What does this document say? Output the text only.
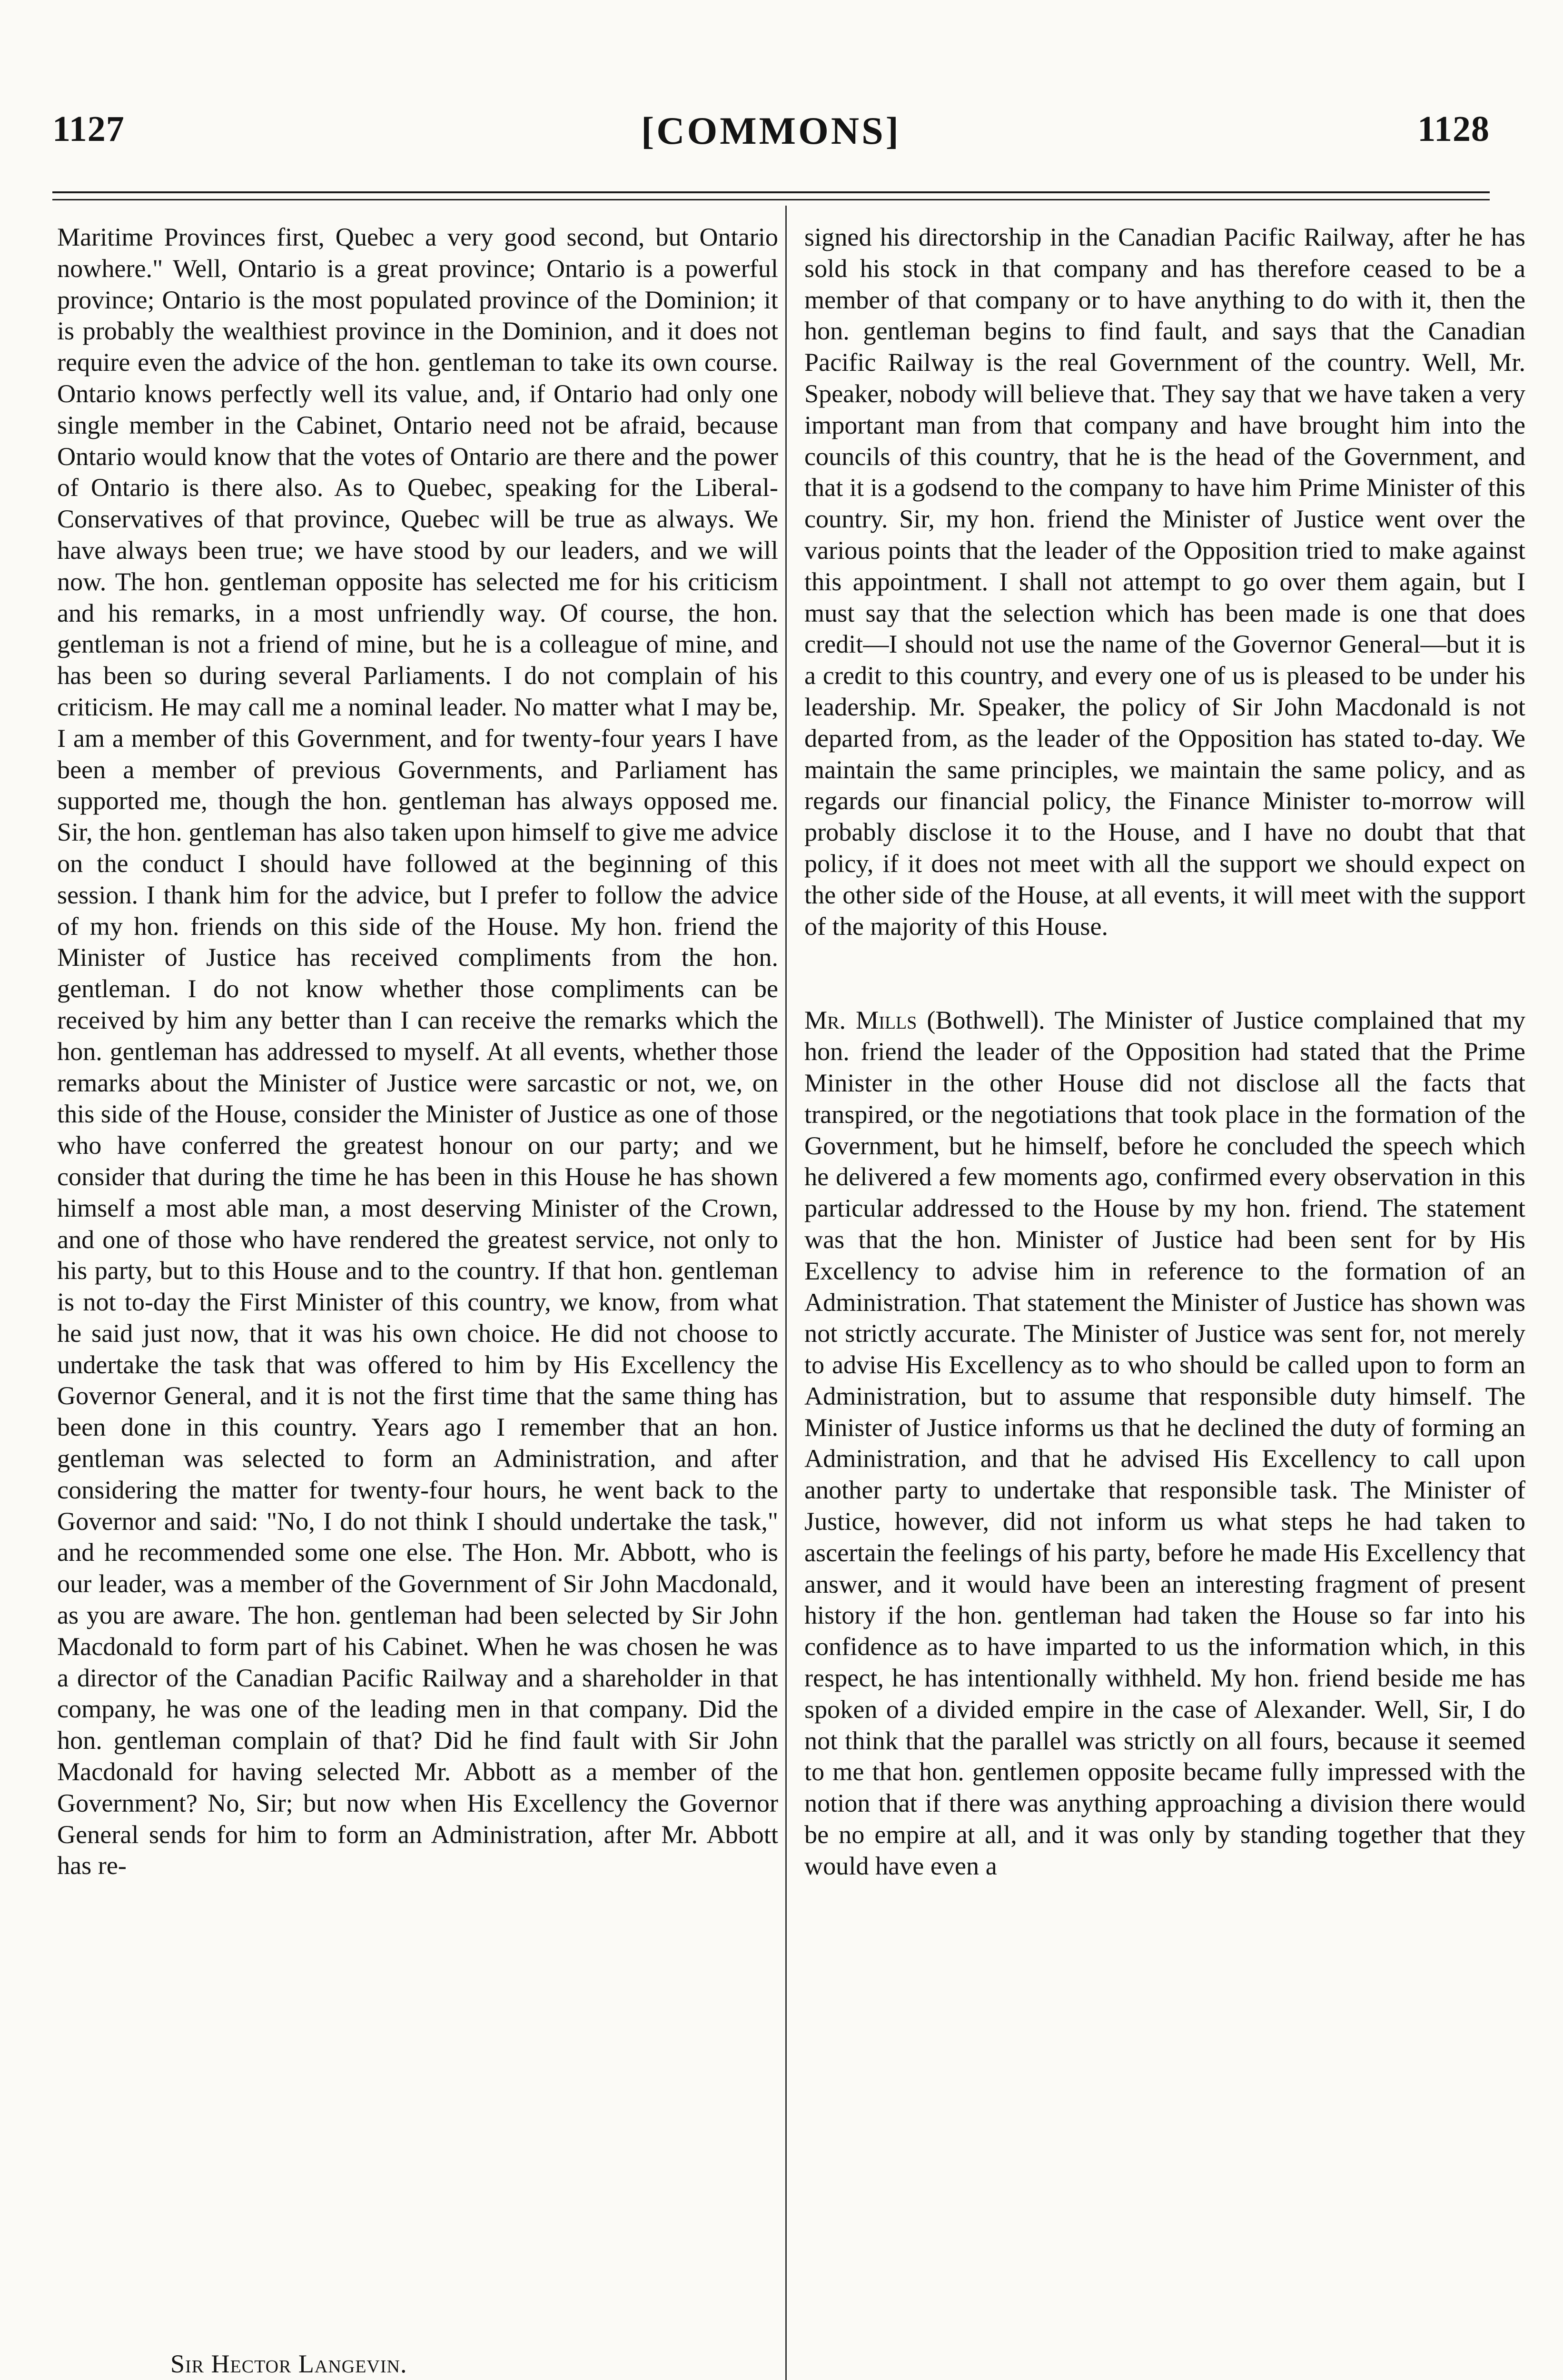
1127	[COMMONS]	1128

Maritime Provinces first, Quebec a very good second, but Ontario nowhere." Well, Ontario is a great province; Ontario is a powerful province; Ontario is the most populated province of the Dominion; it is probably the wealthiest province in the Dominion, and it does not require even the advice of the hon. gentleman to take its own course. Ontario knows perfectly well its value, and, if Ontario had only one single member in the Cabinet, Ontario need not be afraid, because Ontario would know that the votes of Ontario are there and the power of Ontario is there also. As to Quebec, speaking for the Liberal-Conservatives of that province, Quebec will be true as always. We have always been true; we have stood by our leaders, and we will now. The hon. gentleman opposite has selected me for his criticism and his remarks, in a most unfriendly way. Of course, the hon. gentleman is not a friend of mine, but he is a colleague of mine, and has been so during several Parliaments. I do not complain of his criticism. He may call me a nominal leader. No matter what I may be, I am a member of this Government, and for twenty-four years I have been a member of previous Governments, and Parliament has supported me, though the hon. gentleman has always opposed me. Sir, the hon. gentleman has also taken upon himself to give me advice on the conduct I should have followed at the beginning of this session. I thank him for the advice, but I prefer to follow the advice of my hon. friends on this side of the House. My hon. friend the Minister of Justice has received compliments from the hon. gentleman. I do not know whether those compliments can be received by him any better than I can receive the remarks which the hon. gentleman has addressed to myself. At all events, whether those remarks about the Minister of Justice were sarcastic or not, we, on this side of the House, consider the Minister of Justice as one of those who have conferred the greatest honour on our party; and we consider that during the time he has been in this House he has shown himself a most able man, a most deserving Minister of the Crown, and one of those who have rendered the greatest service, not only to his party, but to this House and to the country. If that hon. gentleman is not to-day the First Minister of this country, we know, from what he said just now, that it was his own choice. He did not choose to undertake the task that was offered to him by His Excellency the Governor General, and it is not the first time that the same thing has been done in this country. Years ago I remember that an hon. gentleman was selected to form an Administration, and after considering the matter for twenty-four hours, he went back to the Governor and said: "No, I do not think I should undertake the task," and he recommended some one else. The Hon. Mr. Abbott, who is our leader, was a member of the Government of Sir John Macdonald, as you are aware. The hon. gentleman had been selected by Sir John Macdonald to form part of his Cabinet. When he was chosen he was a director of the Canadian Pacific Railway and a shareholder in that company, he was one of the leading men in that company. Did the hon. gentleman complain of that? Did he find fault with Sir John Macdonald for having selected Mr. Abbott as a member of the Government? No, Sir; but now when His Excellency the Governor General sends for him to form an Administration, after Mr. Abbott has re-

Sir Hector Langevin.

signed his directorship in the Canadian Pacific Railway, after he has sold his stock in that company and has therefore ceased to be a member of that company or to have anything to do with it, then the hon. gentleman begins to find fault, and says that the Canadian Pacific Railway is the real Government of the country. Well, Mr. Speaker, nobody will believe that. They say that we have taken a very important man from that company and have brought him into the councils of this country, that he is the head of the Government, and that it is a godsend to the company to have him Prime Minister of this country. Sir, my hon. friend the Minister of Justice went over the various points that the leader of the Opposition tried to make against this appointment. I shall not attempt to go over them again, but I must say that the selection which has been made is one that does credit—I should not use the name of the Governor General—but it is a credit to this country, and every one of us is pleased to be under his leadership. Mr. Speaker, the policy of Sir John Macdonald is not departed from, as the leader of the Opposition has stated to-day. We maintain the same principles, we maintain the same policy, and as regards our financial policy, the Finance Minister to-morrow will probably disclose it to the House, and I have no doubt that that policy, if it does not meet with all the support we should expect on the other side of the House, at all events, it will meet with the support of the majority of this House.

Mr. Mills (Bothwell). The Minister of Justice complained that my hon. friend the leader of the Opposition had stated that the Prime Minister in the other House did not disclose all the facts that transpired, or the negotiations that took place in the formation of the Government, but he himself, before he concluded the speech which he delivered a few moments ago, confirmed every observation in this particular addressed to the House by my hon. friend. The statement was that the hon. Minister of Justice had been sent for by His Excellency to advise him in reference to the formation of an Administration. That statement the Minister of Justice has shown was not strictly accurate. The Minister of Justice was sent for, not merely to advise His Excellency as to who should be called upon to form an Administration, but to assume that responsible duty himself. The Minister of Justice informs us that he declined the duty of forming an Administration, and that he advised His Excellency to call upon another party to undertake that responsible task. The Minister of Justice, however, did not inform us what steps he had taken to ascertain the feelings of his party, before he made His Excellency that answer, and it would have been an interesting fragment of present history if the hon. gentleman had taken the House so far into his confidence as to have imparted to us the information which, in this respect, he has intentionally withheld. My hon. friend beside me has spoken of a divided empire in the case of Alexander. Well, Sir, I do not think that the parallel was strictly on all fours, because it seemed to me that hon. gentlemen opposite became fully impressed with the notion that if there was anything approaching a division there would be no empire at all, and it was only by standing together that they would have even a
